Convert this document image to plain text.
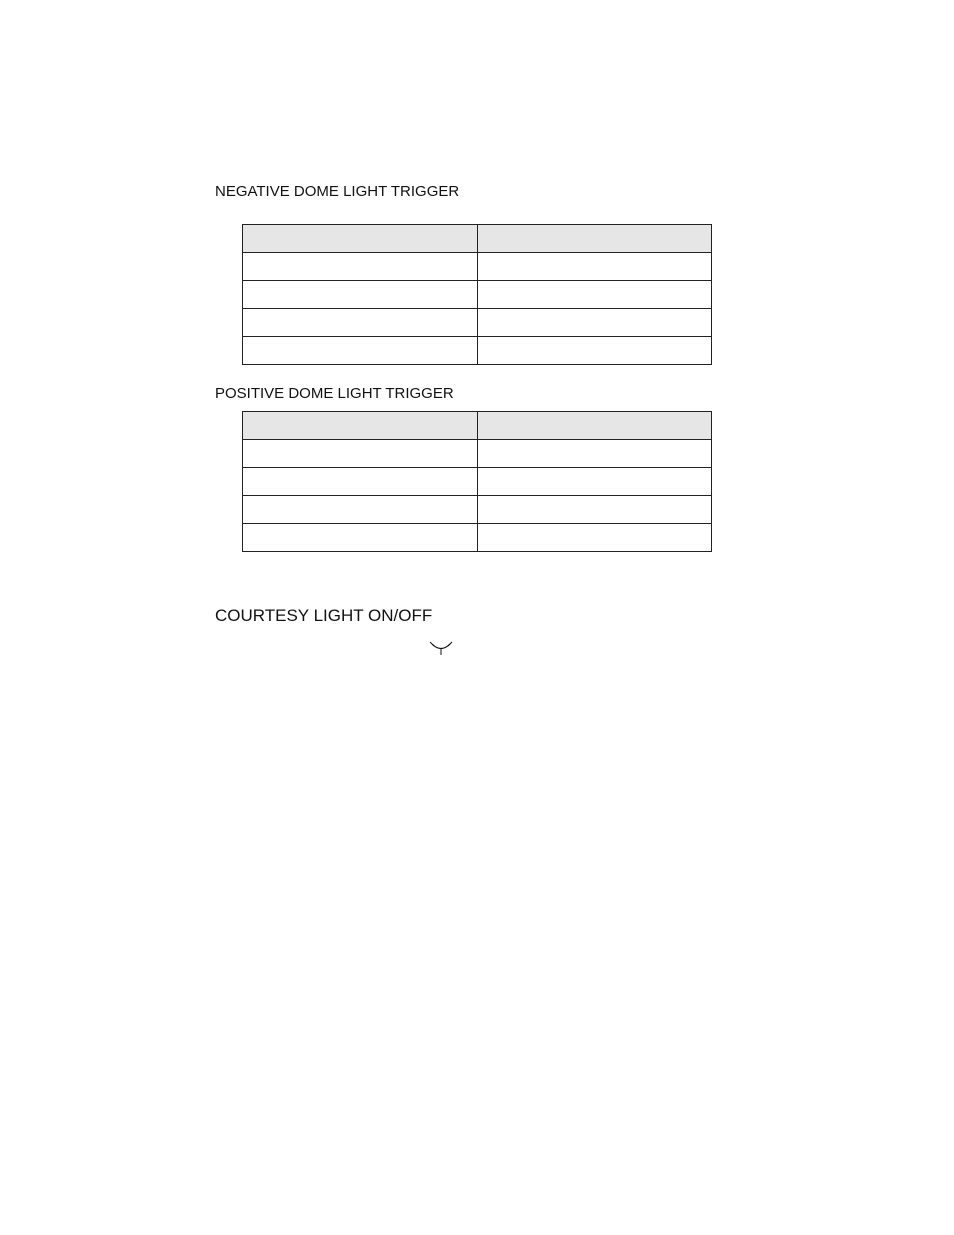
NEGATIVE DOME LIGHT TRIGGER

POSITIVE DOME LIGHT TRIGGER

COURTESY LIGHT ON/OFF
